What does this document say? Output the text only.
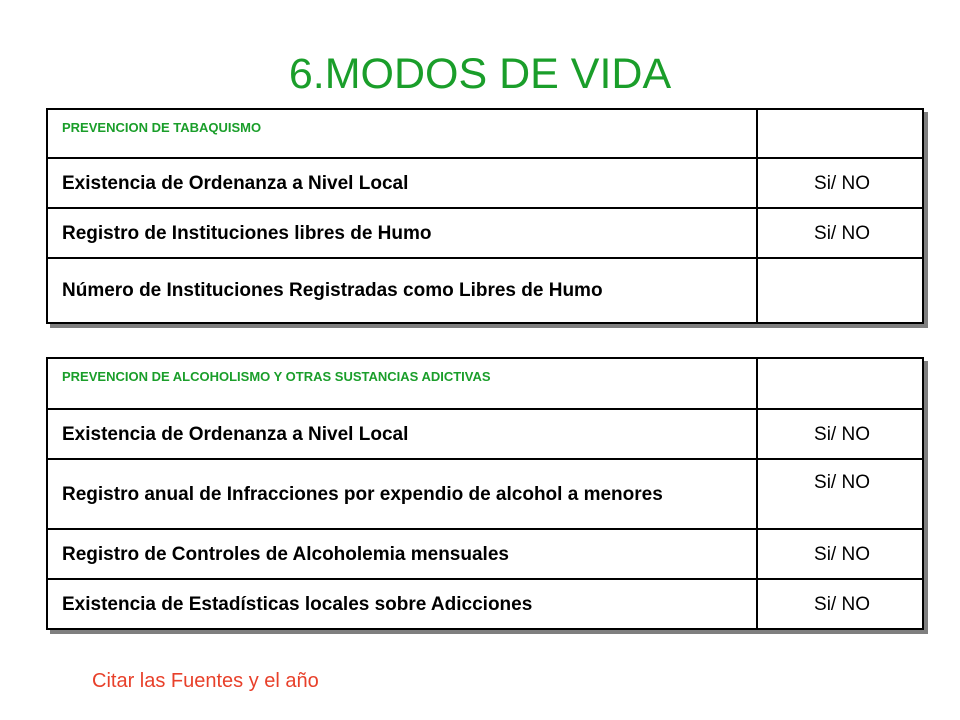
6.MODOS DE VIDA
PREVENCION DE TABAQUISMO	
Existencia de Ordenanza a Nivel Local	Si/ NO
Registro de Instituciones libres de Humo	Si/ NO
Número de Instituciones Registradas como Libres de Humo	
PREVENCION DE ALCOHOLISMO Y OTRAS SUSTANCIAS ADICTIVAS	
Existencia de Ordenanza a Nivel Local	Si/ NO
Registro anual de Infracciones por expendio de alcohol a menores	Si/ NO
Registro de Controles de Alcoholemia mensuales	Si/ NO
Existencia de Estadísticas locales sobre Adicciones	Si/ NO

Citar las Fuentes y el año
